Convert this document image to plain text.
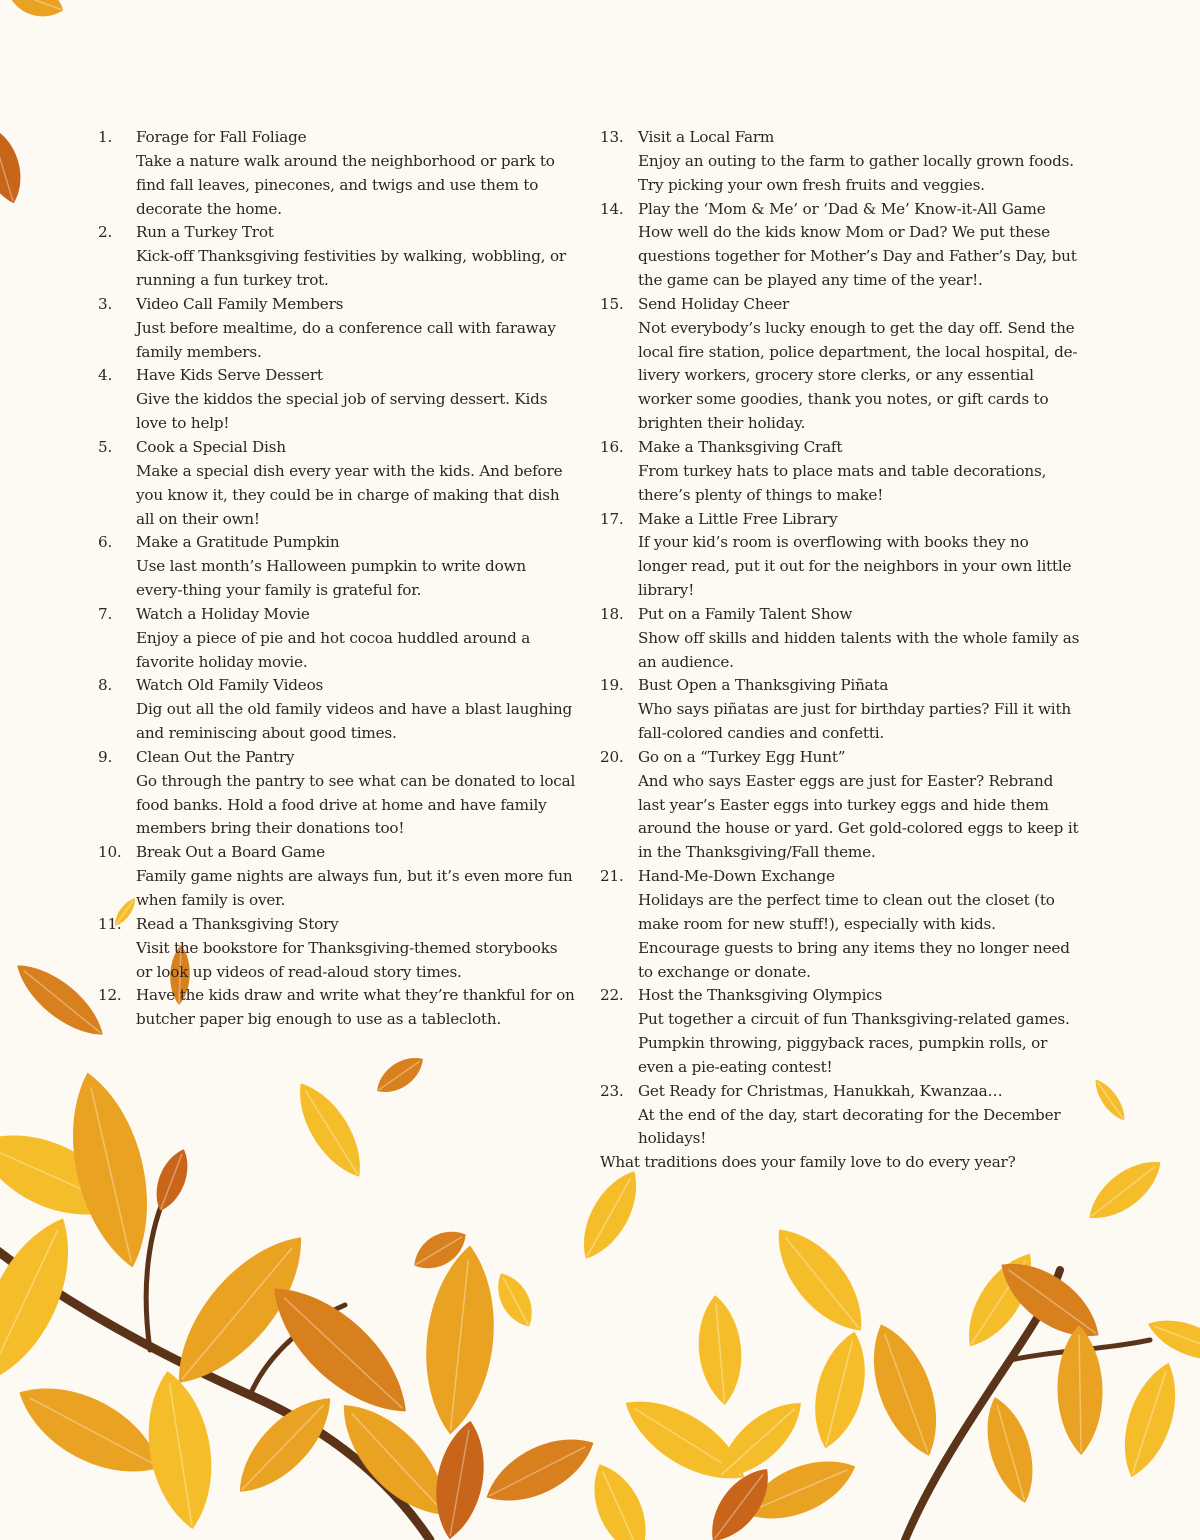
1.	Forage for Fall Foliage
Take a nature walk around the neighborhood or park to find fall leaves, pinecones, and twigs and use them to decorate the home.
2.	Run a Turkey Trot
Kick-off Thanksgiving festivities by walking, wobbling, or running a fun turkey trot.
3.	Video Call Family Members
Just before mealtime, do a conference call with faraway family members.
4.	Have Kids Serve Dessert
Give the kiddos the special job of serving dessert. Kids love to help!
5.	Cook a Special Dish
Make a special dish every year with the kids. And before you know it, they could be in charge of making that dish all on their own!
6.	Make a Gratitude Pumpkin
Use last month’s Halloween pumpkin to write down every-thing your family is grateful for.
7.	Watch a Holiday Movie
Enjoy a piece of pie and hot cocoa huddled around a favorite holiday movie.
8.	Watch Old Family Videos
Dig out all the old family videos and have a blast laughing and reminiscing about good times.
9.	Clean Out the Pantry
Go through the pantry to see what can be donated to local food banks. Hold a food drive at home and have family members bring their donations too!
10. Break Out a Board Game
Family game nights are always fun, but it’s even more fun when family is over.
11. Read a Thanksgiving Story
Visit the bookstore for Thanksgiving-themed storybooks or look up videos of read-aloud story times.
12. Have the kids draw and write what they’re thankful for on butcher paper big enough to use as a tablecloth.
13. Visit a Local Farm
Enjoy an outing to the farm to gather locally grown foods. Try picking your own fresh fruits and veggies.
14. Play the ‘Mom & Me’ or ‘Dad & Me’ Know-it-All Game
How well do the kids know Mom or Dad? We put these questions together for Mother’s Day and Father’s Day, but the game can be played any time of the year!.
15. Send Holiday Cheer
Not everybody’s lucky enough to get the day off. Send the local fire station, police department, the local hospital, de-livery workers, grocery store clerks, or any essential worker some goodies, thank you notes, or gift cards to brighten their holiday.
16. Make a Thanksgiving Craft
From turkey hats to place mats and table decorations, there’s plenty of things to make!
17. Make a Little Free Library
If your kid’s room is overflowing with books they no longer read, put it out for the neighbors in your own little library!
18. Put on a Family Talent Show
Show off skills and hidden talents with the whole family as an audience.
19. Bust Open a Thanksgiving Piñata
Who says piñatas are just for birthday parties? Fill it with fall-colored candies and confetti.
20. Go on a “Turkey Egg Hunt”
And who says Easter eggs are just for Easter? Rebrand last year’s Easter eggs into turkey eggs and hide them around the house or yard. Get gold-colored eggs to keep it in the Thanksgiving/Fall theme.
21. Hand-Me-Down Exchange
Holidays are the perfect time to clean out the closet (to make room for new stuff!), especially with kids. Encourage guests to bring any items they no longer need to exchange or donate.
22. Host the Thanksgiving Olympics
Put together a circuit of fun Thanksgiving-related games. Pumpkin throwing, piggyback races, pumpkin rolls, or even a pie-eating contest!
23. Get Ready for Christmas, Hanukkah, Kwanzaa…
At the end of the day, start decorating for the December holidays!
What traditions does your family love to do every year?
